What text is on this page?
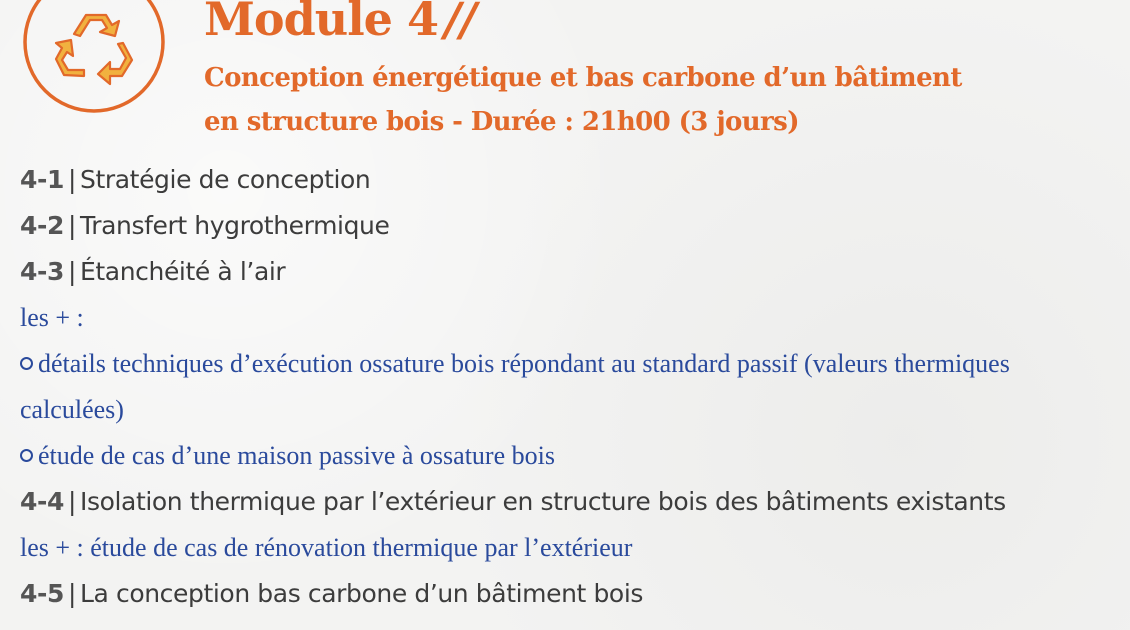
Module 4 //
Conception énergétique et bas carbone d’un bâtiment
en structure bois - Durée : 21h00 (3 jours)
4-1 | Stratégie de conception
4-2 | Transfert hygrothermique
4-3 | Étanchéité à l’air
les + :
détails techniques d’exécution ossature bois répondant au standard passif (valeurs thermiques calculées)
étude de cas d’une maison passive à ossature bois
4-4 | Isolation thermique par l’extérieur en structure bois des bâtiments existants
les + : étude de cas de rénovation thermique par l’extérieur
4-5 | La conception bas carbone d’un bâtiment bois
